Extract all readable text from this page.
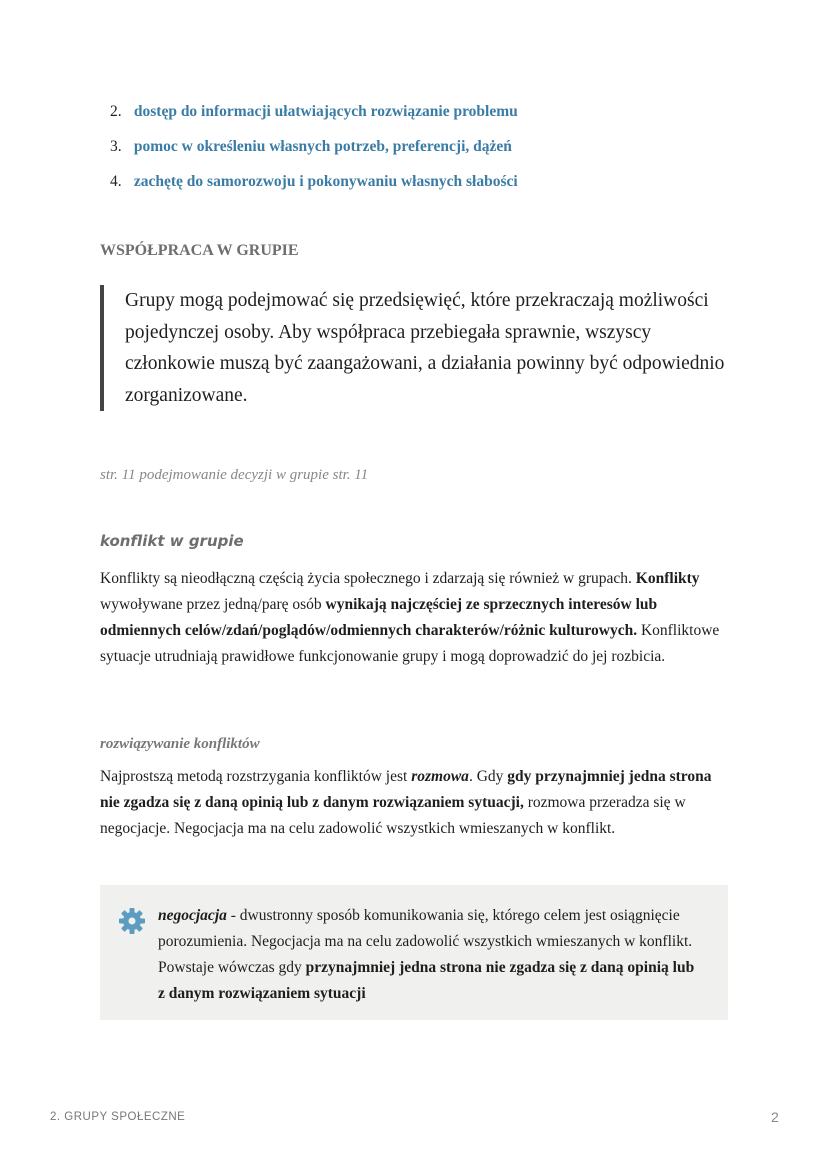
2. dostęp do informacji ułatwiających rozwiązanie problemu
3. pomoc w określeniu własnych potrzeb, preferencji, dążeń
4. zachętę do samorozwoju i pokonywaniu własnych słabości
WSPÓŁPRACA W GRUPIE
Grupy mogą podejmować się przedsięwięć, które przekraczają możliwości pojedynczej osoby. Aby współpraca przebiegała sprawnie, wszyscy członkowie muszą być zaangażowani, a działania powinny być odpowiednio zorganizowane.
str. 11 podejmowanie decyzji w grupie str. 11
konflikt w grupie

Konflikty są nieodłączną częścią życia społecznego i zdarzają się również w grupach. Konflikty wywoływane przez jedną/parę osób wynikają najczęściej ze sprzecznych interesów lub odmiennych celów/zdań/poglądów/odmiennych charakterów/różnic kulturowych. Konfliktowe sytuacje utrudniają prawidłowe funkcjonowanie grupy i mogą doprowadzić do jej rozbicia.

rozwiązywanie konfliktów

Najprostszą metodą rozstrzygania konfliktów jest rozmowa. Gdy gdy przynajmniej jedna strona nie zgadza się z daną opinią lub z danym rozwiązaniem sytuacji, rozmowa przeradza się w negocjacje. Negocjacja ma na celu zadowolić wszystkich wmieszanych w konflikt.

negocjacja - dwustronny sposób komunikowania się, którego celem jest osiągnięcie porozumienia. Negocjacja ma na celu zadowolić wszystkich wmieszanych w konflikt. Powstaje wówczas gdy przynajmniej jedna strona nie zgadza się z daną opinią lub z danym rozwiązaniem sytuacji

2. GRUPY SPOŁECZNE	2
